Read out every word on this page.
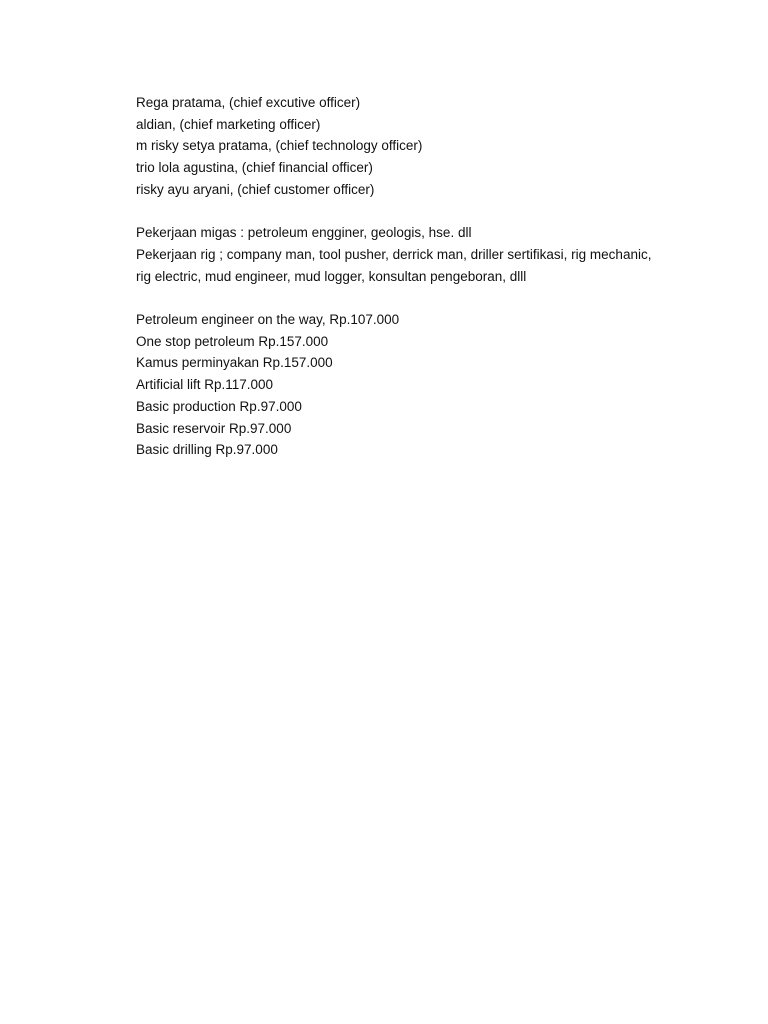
Rega pratama, (chief excutive officer)
aldian, (chief marketing officer)
m risky setya pratama, (chief technology officer)
trio lola agustina, (chief financial officer)
risky ayu aryani, (chief customer officer)
Pekerjaan migas : petroleum engginer, geologis, hse. dll
Pekerjaan rig ; company man, tool pusher, derrick man, driller sertifikasi, rig mechanic,
rig electric, mud engineer, mud logger, konsultan pengeboran, dlll
Petroleum engineer on the way, Rp.107.000
One stop petroleum Rp.157.000
Kamus perminyakan Rp.157.000
Artificial lift Rp.117.000
Basic production Rp.97.000
Basic reservoir Rp.97.000
Basic drilling Rp.97.000
